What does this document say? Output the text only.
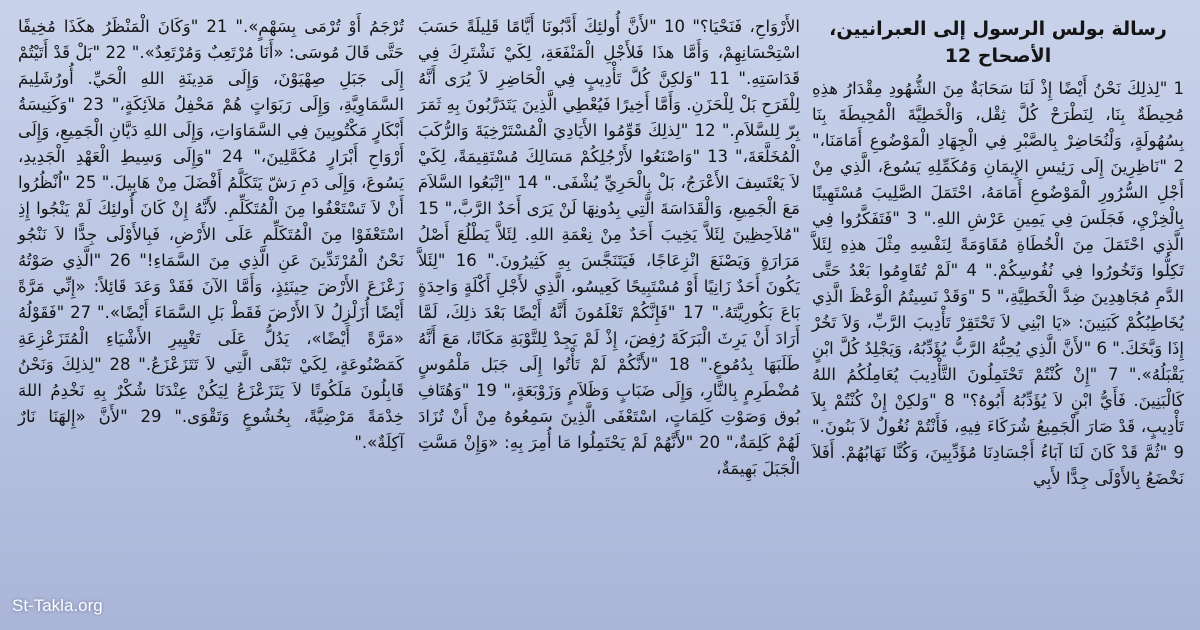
رسالة بولس الرسول إلى العبرانيين،
الأصحاح 12
1 "لِذلِكَ نَحْنُ أَيْضًا إِذْ لَنَا سَحَابَةٌ مِنَ الشُّهُودِ مِقْدَارُ هذِهِ مُحِيطَةٌ بِنَا، لِنَطْرَحْ كُلَّ ثِقْل، وَالْخَطِيَّةَ الْمُحِيطَةَ بِنَا بِسُهُولَةٍ، وَلْنُحَاضِرْ بِالصَّبْرِ فِي الْجِهَادِ الْمَوْضُوعِ أَمَامَنَا،" 2 "نَاظِرِينَ إِلَى رَئِيسِ الإِيمَانِ وَمُكَمِّلِهِ يَسُوعَ، الَّذِي مِنْ أَجْلِ السُّرُورِ الْمَوْضُوعِ أَمَامَهُ، احْتَمَلَ الصَّلِيبَ مُسْتَهِينًا بِالْخِزْيِ، فَجَلَسَ فِي يَمِينِ عَرْشِ اللهِ." 3 "فَتَفَكَّرُوا فِي الَّذِي احْتَمَلَ مِنَ الْخُطَاةِ مُقَاوَمَةً لِنَفْسِهِ مِثْلَ هذِهِ لِئَلاَّ تَكِلُّوا وَتَخُورُوا فِي نُفُوسِكُمْ." 4 "لَمْ تُقَاوِمُوا بَعْدُ حَتَّى الدَّمِ مُجَاهِدِينَ ضِدَّ الْخَطِيَّةِ،" 5 "وَقَدْ نَسِيتُمُ الْوَعْظَ الَّذِي يُخَاطِبُكُمْ كَبَنِينَ: «يَا ابْنِي لاَ تَحْتَقِرْ تَأْدِيبَ الرَّبِّ، وَلاَ تَخُرْ إِذَا وَبَّخَكَ." 6 "لأَنَّ الَّذِي يُحِبُّهُ الرَّبُّ يُؤَدِّبُهُ، وَيَجْلِدُ كُلَّ ابْنٍ يَقْبَلُهُ»." 7 "إِنْ كُنْتُمْ تَحْتَمِلُونَ التَّأْدِيبَ يُعَامِلُكُمُ اللهُ كَالْبَنِينَ. فَأَيُّ ابْنٍ لاَ يُؤَدِّبُهُ أَبُوهُ؟" 8 "وَلكِنْ إِنْ كُنْتُمْ بِلاَ تَأْدِيبٍ، قَدْ صَارَ الْجَمِيعُ شُرَكَاءَ فِيهِ، فَأَنْتُمْ نُغُولٌ لاَ بَنُونَ." 9 "ثُمَّ قَدْ كَانَ لَنَا آبَاءُ أَجْسَادِنَا مُؤَدِّبِينَ، وَكُنَّا نَهَابُهُمْ. أَفَلاَ نَخْضَعُ بِالأَوْلَى جِدًّا لأَبِي
الأَرْوَاحِ، فَنَحْيَا؟" 10 "لأَنَّ أُولئِكَ أَدَّبُونَا أَيَّامًا قَلِيلَةً حَسَبَ اسْتِحْسَانِهِمْ، وَأَمَّا هذَا فَلأَجْلِ الْمَنْفَعَةِ، لِكَيْ نَشْتَرِكَ فِي قَدَاسَتِهِ." 11 "وَلكِنَّ كُلَّ تَأْدِيبٍ فِي الْحَاضِرِ لاَ يُرَى أَنَّهُ لِلْفَرَحِ بَلْ لِلْحَزَنِ. وَأَمَّا أَخِيرًا فَيُعْطِي الَّذِينَ يَتَدَرَّبُونَ بِهِ ثَمَرَ بِرّ لِلسَّلاَمِ." 12 "لِذلِكَ قَوِّمُوا الأَيَادِيَ الْمُسْتَرْخِيَةَ وَالرُّكَبَ الْمُخَلَّعَةَ،" 13 "وَاصْنَعُوا لأَرْجُلِكُمْ مَسَالِكَ مُسْتَقِيمَةً، لِكَيْ لاَ يَعْتَسِفَ الأَعْرَجُ، بَلْ بِالْحَرِيِّ يُشْفَى." 14 "اِتْبَعُوا السَّلاَمَ مَعَ الْجَمِيعِ، وَالْقَدَاسَةَ الَّتِي بِدُونِهَا لَنْ يَرَى أَحَدٌ الرَّبَّ،" 15 "مُلاَحِظِينَ لِئَلاَّ يَخِيبَ أَحَدٌ مِنْ نِعْمَةِ اللهِ. لِئَلاَّ يَطْلُعَ أَصْلُ مَرَارَةٍ وَيَصْنَعَ انْزِعَاجًا، فَيَتَنَجَّسَ بِهِ كَثِيرُونَ." 16 "لِئَلاَّ يَكُونَ أَحَدٌ زَانِيًا أَوْ مُسْتَبِيحًا كَعِيسُو، الَّذِي لأَجْلِ أَكْلَةٍ وَاحِدَةٍ بَاعَ بَكُورِيَّتَهُ." 17 "فَإِنَّكُمْ تَعْلَمُونَ أَنَّهُ أَيْضًا بَعْدَ ذلِكَ، لَمَّا أَرَادَ أَنْ يَرِثَ الْبَرَكَةَ رُفِضَ، إِذْ لَمْ يَجِدْ لِلتَّوْبَةِ مَكَانًا، مَعَ أَنَّهُ طَلَبَهَا بِدُمُوعٍ." 18 "لأَنَّكُمْ لَمْ تَأْتُوا إِلَى جَبَل مَلْمُوسٍ مُضْطَرِمٍ بِالنَّارِ، وَإِلَى ضَبَابٍ وَظَلاَمٍ وَزَوْبَعَةٍ،" 19 "وَهُتَافِ بُوق وَصَوْتِ كَلِمَاتٍ، اسْتَعْفَى الَّذِينَ سَمِعُوهُ مِنْ أَنْ تُزَادَ لَهُمْ كَلِمَةٌ،" 20 "لأَنَّهُمْ لَمْ يَحْتَمِلُوا مَا أُمِرَ بِهِ: «وَإِنْ مَسَّتِ الْجَبَلَ بَهِيمَةٌ،
تُرْجَمُ أَوْ تُرْمَى بِسَهْمٍ»." 21 "وَكَانَ الْمَنْظَرُ هكَذَا مُخِيفًا حَتَّى قَالَ مُوسَى: «أَنَا مُرْتَعِبٌ وَمُرْتَعِدٌ»." 22 "بَلْ قَدْ أَتَيْتُمْ إِلَى جَبَلِ صِهْيَوْنَ، وَإِلَى مَدِينَةِ اللهِ الْحَيِّ. أُورُشَلِيمَ السَّمَاوِيَّةِ، وَإِلَى رَبَوَاتٍ هُمْ مَحْفِلُ مَلاَئِكَةٍ،" 23 "وَكَنِيسَةُ أَبْكَارٍ مَكْتُوبِينَ فِي السَّمَاوَاتِ، وَإِلَى اللهِ دَيَّانِ الْجَمِيعِ، وَإِلَى أَرْوَاحِ أَبْرَارٍ مُكَمَّلِينَ،" 24 "وَإِلَى وَسِيطِ الْعَهْدِ الْجَدِيدِ، يَسُوعَ، وَإِلَى دَمِ رَشّ يَتَكَلَّمُ أَفْضَلَ مِنْ هَابِيلَ." 25 "اُنْظُرُوا أَنْ لاَ تَسْتَعْفُوا مِنَ الْمُتَكَلِّمِ. لأَنَّهُ إِنْ كَانَ أُولئِكَ لَمْ يَنْجُوا إِذِ اسْتَعْفَوْا مِنَ الْمُتَكَلِّمِ عَلَى الأَرْضِ، فَبِالأَوْلَى جِدًّا لاَ نَنْجُو نَحْنُ الْمُرْتَدِّينَ عَنِ الَّذِي مِنَ السَّمَاءِ!" 26 "الَّذِي صَوْتُهُ زَعْزَعَ الأَرْضَ حِينَئِذٍ، وَأَمَّا الآنَ فَقَدْ وَعَدَ قَائِلاً: «إِنِّي مَرَّةً أَيْضًا أُزَلْزِلُ لاَ الأَرْضَ فَقَطْ بَلِ السَّمَاءَ أَيْضًا»." 27 "فَقَوْلُهُ «مَرَّةً أَيْضًا»، يَدُلُّ عَلَى تَغْيِيرِ الأَشْيَاءِ الْمُتَزَعْزِعَةِ كَمَصْنُوعَةٍ، لِكَيْ تَبْقَى الَّتِي لاَ تَتَزَعْزَعُ." 28 "لِذلِكَ وَنَحْنُ قَابِلُونَ مَلَكُوتًا لاَ يَتَزَعْزَعُ لِيَكُنْ عِنْدَنَا شُكْرٌ بِهِ نَخْدِمُ اللهَ خِدْمَةً مَرْضِيَّةً، بِخُشُوعٍ وَتَقْوَى." 29 "لأَنَّ «إِلهَنَا نَارٌ آكِلَةٌ»."
St-Takla.org
